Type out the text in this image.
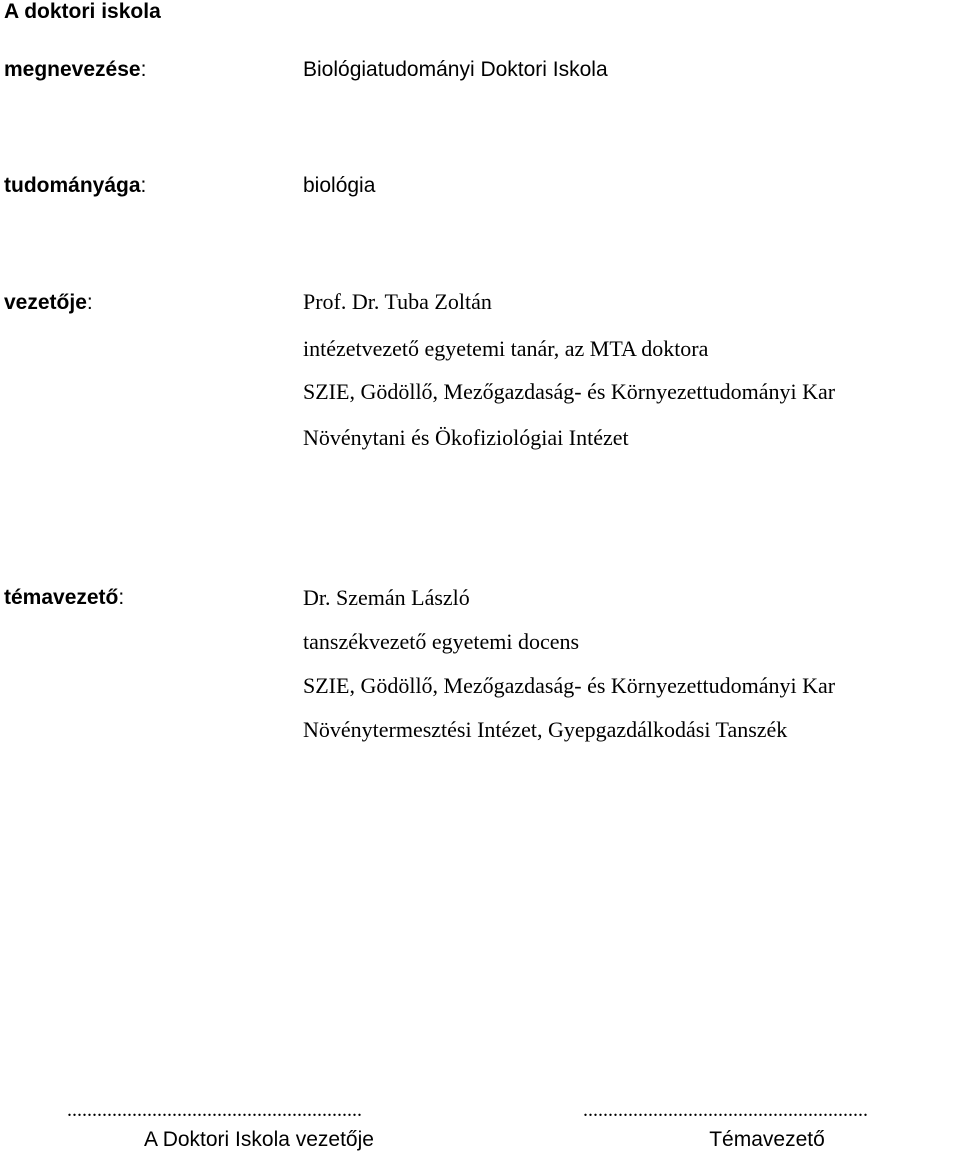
A doktori iskola
megnevezése:	Biológiatudományi Doktori Iskola
tudományága:	biológia
vezetője:	Prof. Dr. Tuba Zoltán
intézetvezető egyetemi tanár, az MTA doktora
SZIE, Gödöllő, Mezőgazdaság- és Környezettudományi Kar
Növénytani és Ökofiziológiai Intézet
témavezető:	Dr. Szemán László
tanszékvezető egyetemi docens
SZIE, Gödöllő, Mezőgazdaság- és Környezettudományi Kar
Növénytermesztési Intézet, Gyepgazdálkodási Tanszék
...........................................................
A Doktori Iskola vezetője
.........................................................
Témavezető
